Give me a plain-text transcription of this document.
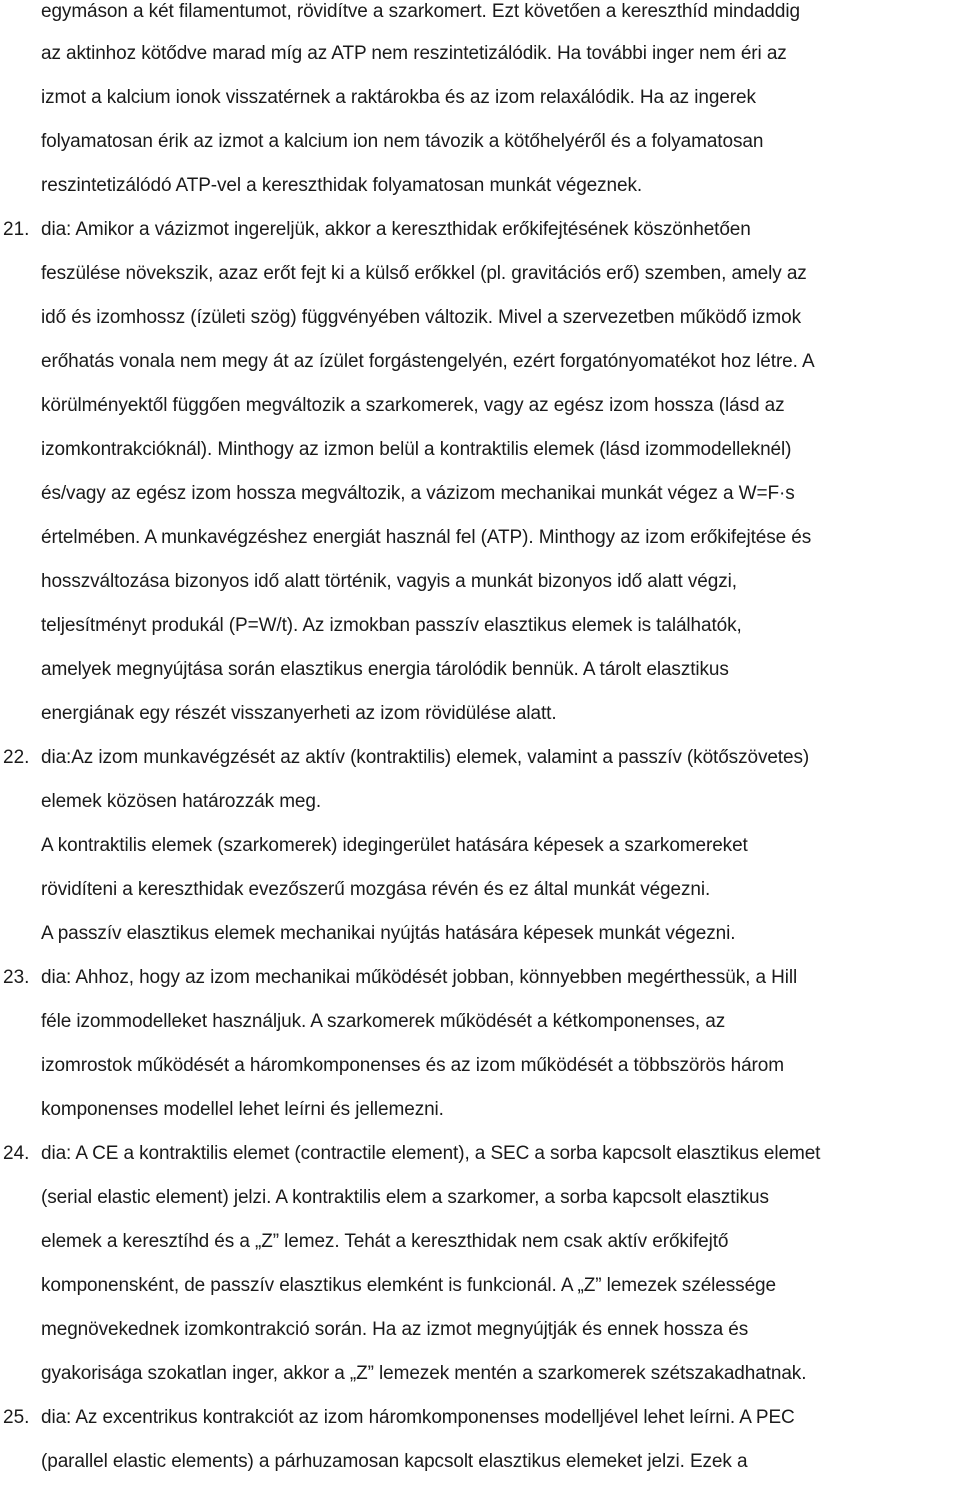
egymáson a két filamentumot, rövidítve a szarkomert. Ezt követően a kereszthíd mindaddig
az aktinhoz kötődve marad míg az ATP nem reszintetizálódik. Ha további inger nem éri az
izmot a kalcium ionok visszatérnek a raktárokba és az izom relaxálódik. Ha az ingerek
folyamatosan érik az izmot a kalcium ion nem távozik a kötőhelyéről és a folyamatosan
reszintetizálódó ATP-vel a kereszthidak folyamatosan munkát végeznek.
21. dia: Amikor a vázizmot ingereljük, akkor a kereszthidak erőkifejtésének köszönhetően
feszülése növekszik, azaz erőt fejt ki a külső erőkkel (pl. gravitációs erő) szemben, amely az
idő és izomhossz (ízületi szög) függvényében változik. Mivel a szervezetben működő izmok
erőhatás vonala nem megy át az ízület forgástengelyén, ezért forgatónyomatékot hoz létre. A
körülményektől függően megváltozik a szarkomerek, vagy az egész izom hossza (lásd az
izomkontrakcióknál). Minthogy az izmon belül a kontraktilis elemek (lásd izommodelleknél)
és/vagy az egész izom hossza megváltozik, a vázizom mechanikai munkát végez a W=F·s
értelmében. A munkavégzéshez energiát használ fel (ATP). Minthogy az izom erőkifejtése és
hosszváltozása bizonyos idő alatt történik, vagyis a munkát bizonyos idő alatt végzi,
teljesítményt produkál (P=W/t). Az izmokban passzív elasztikus elemek is találhatók,
amelyek megnyújtása során elasztikus energia tárolódik bennük. A tárolt elasztikus
energiának egy részét visszanyerheti az izom rövidülése alatt.
22. dia:Az izom munkavégzését az aktív (kontraktilis) elemek, valamint a passzív (kötőszövetes)
elemek közösen határozzák meg.
A kontraktilis elemek (szarkomerek) idegingerület hatására képesek a szarkomereket
rövidíteni a kereszthidak evezőszerű mozgása révén és ez által munkát végezni.
A passzív elasztikus elemek mechanikai nyújtás hatására képesek munkát végezni.
23. dia: Ahhoz, hogy az izom mechanikai működését jobban, könnyebben megérthessük, a Hill
féle izommodelleket használjuk. A szarkomerek működését a kétkomponenses, az
izomrostok működését a háromkomponenses és az izom működését a többszörös három
komponenses modellel lehet leírni és jellemezni.
24. dia: A CE a kontraktilis elemet (contractile element), a SEC a sorba kapcsolt elasztikus elemet
(serial elastic element) jelzi. A kontraktilis elem a szarkomer, a sorba kapcsolt elasztikus
elemek a keresztíhd és a „Z” lemez. Tehát a kereszthidak nem csak aktív erőkifejtő
komponensként, de passzív elasztikus elemként is funkcionál. A „Z” lemezek szélessége
megnövekednek izomkontrakció során. Ha az izmot megnyújtják és ennek hossza és
gyakorisága szokatlan inger, akkor a „Z” lemezek mentén a szarkomerek szétszakadhatnak.
25. dia: Az excentrikus kontrakciót az izom háromkomponenses modelljével lehet leírni. A PEC
(parallel elastic elements) a párhuzamosan kapcsolt elasztikus elemeket jelzi. Ezek a
